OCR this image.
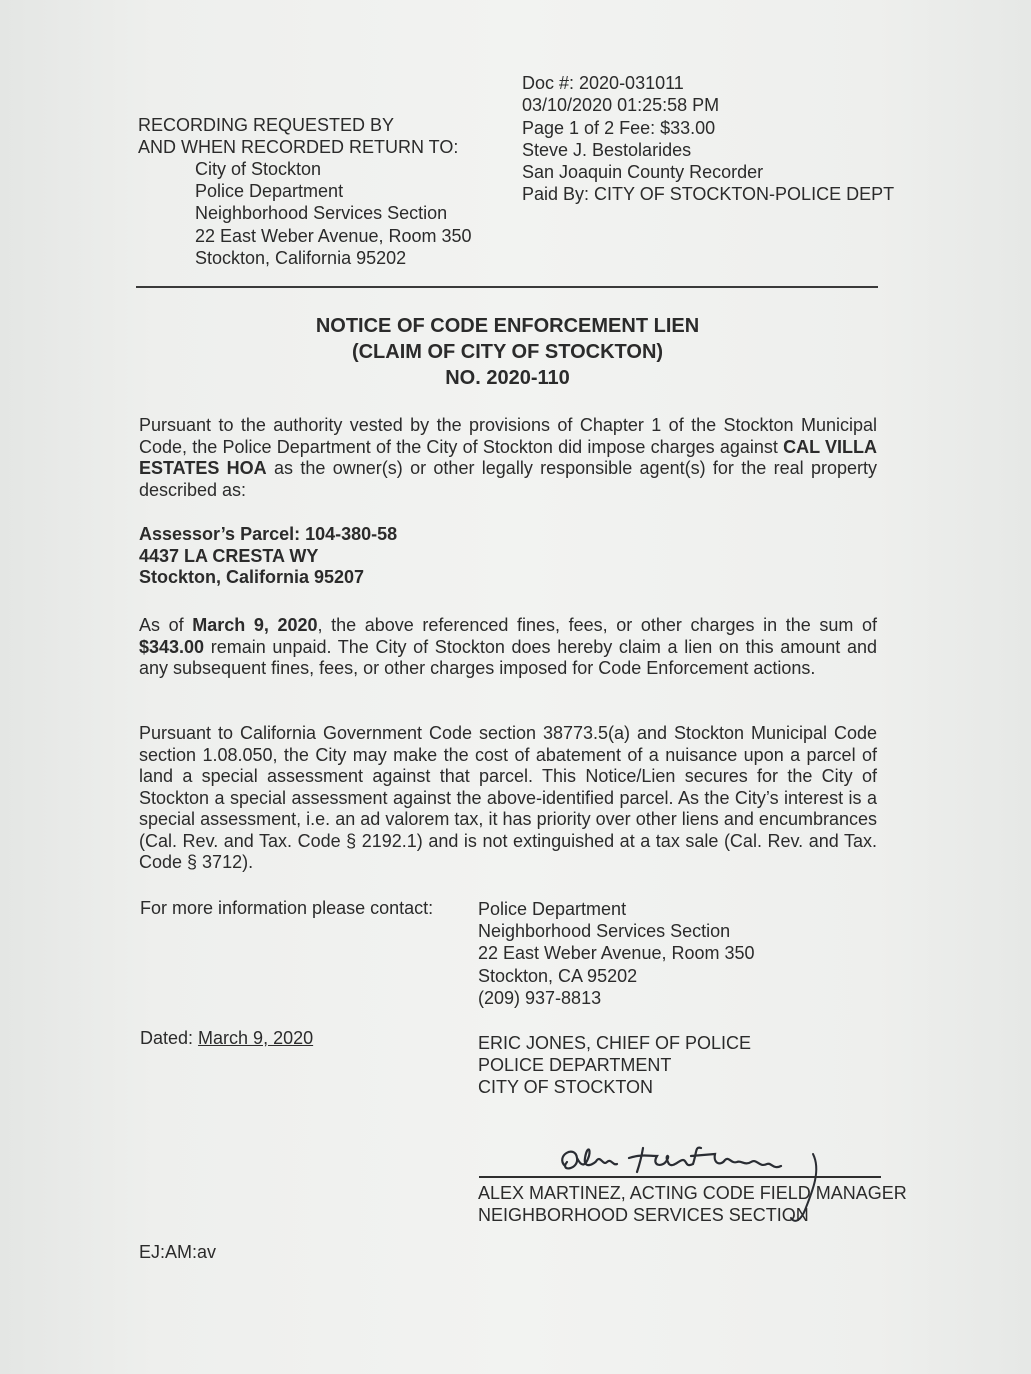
RECORDING REQUESTED BY
AND WHEN RECORDED RETURN TO:
City of Stockton
Police Department
Neighborhood Services Section
22 East Weber Avenue, Room 350
Stockton, California 95202
Doc #: 2020-031011
03/10/2020 01:25:58 PM
Page 1 of 2 Fee: $33.00
Steve J. Bestolarides
San Joaquin County Recorder
Paid By: CITY OF STOCKTON-POLICE DEPT
NOTICE OF CODE ENFORCEMENT LIEN
(CLAIM OF CITY OF STOCKTON)
NO. 2020-110
Pursuant to the authority vested by the provisions of Chapter 1 of the Stockton Municipal Code, the Police Department of the City of Stockton did impose charges against CAL VILLA ESTATES HOA as the owner(s) or other legally responsible agent(s) for the real property described as:
Assessor’s Parcel: 104-380-58
4437 LA CRESTA WY
Stockton, California 95207
As of March 9, 2020, the above referenced fines, fees, or other charges in the sum of $343.00 remain unpaid. The City of Stockton does hereby claim a lien on this amount and any subsequent fines, fees, or other charges imposed for Code Enforcement actions.
Pursuant to California Government Code section 38773.5(a) and Stockton Municipal Code section 1.08.050, the City may make the cost of abatement of a nuisance upon a parcel of land a special assessment against that parcel. This Notice/Lien secures for the City of Stockton a special assessment against the above-identified parcel. As the City’s interest is a special assessment, i.e. an ad valorem tax, it has priority over other liens and encumbrances (Cal. Rev. and Tax. Code § 2192.1) and is not extinguished at a tax sale (Cal. Rev. and Tax. Code § 3712).
For more information please contact: Police Department
Neighborhood Services Section
22 East Weber Avenue, Room 350
Stockton, CA 95202
(209) 937-8813
Dated: March 9, 2020	ERIC JONES, CHIEF OF POLICE
POLICE DEPARTMENT
CITY OF STOCKTON
ALEX MARTINEZ, ACTING CODE FIELD MANAGER
NEIGHBORHOOD SERVICES SECTION
EJ:AM:av
